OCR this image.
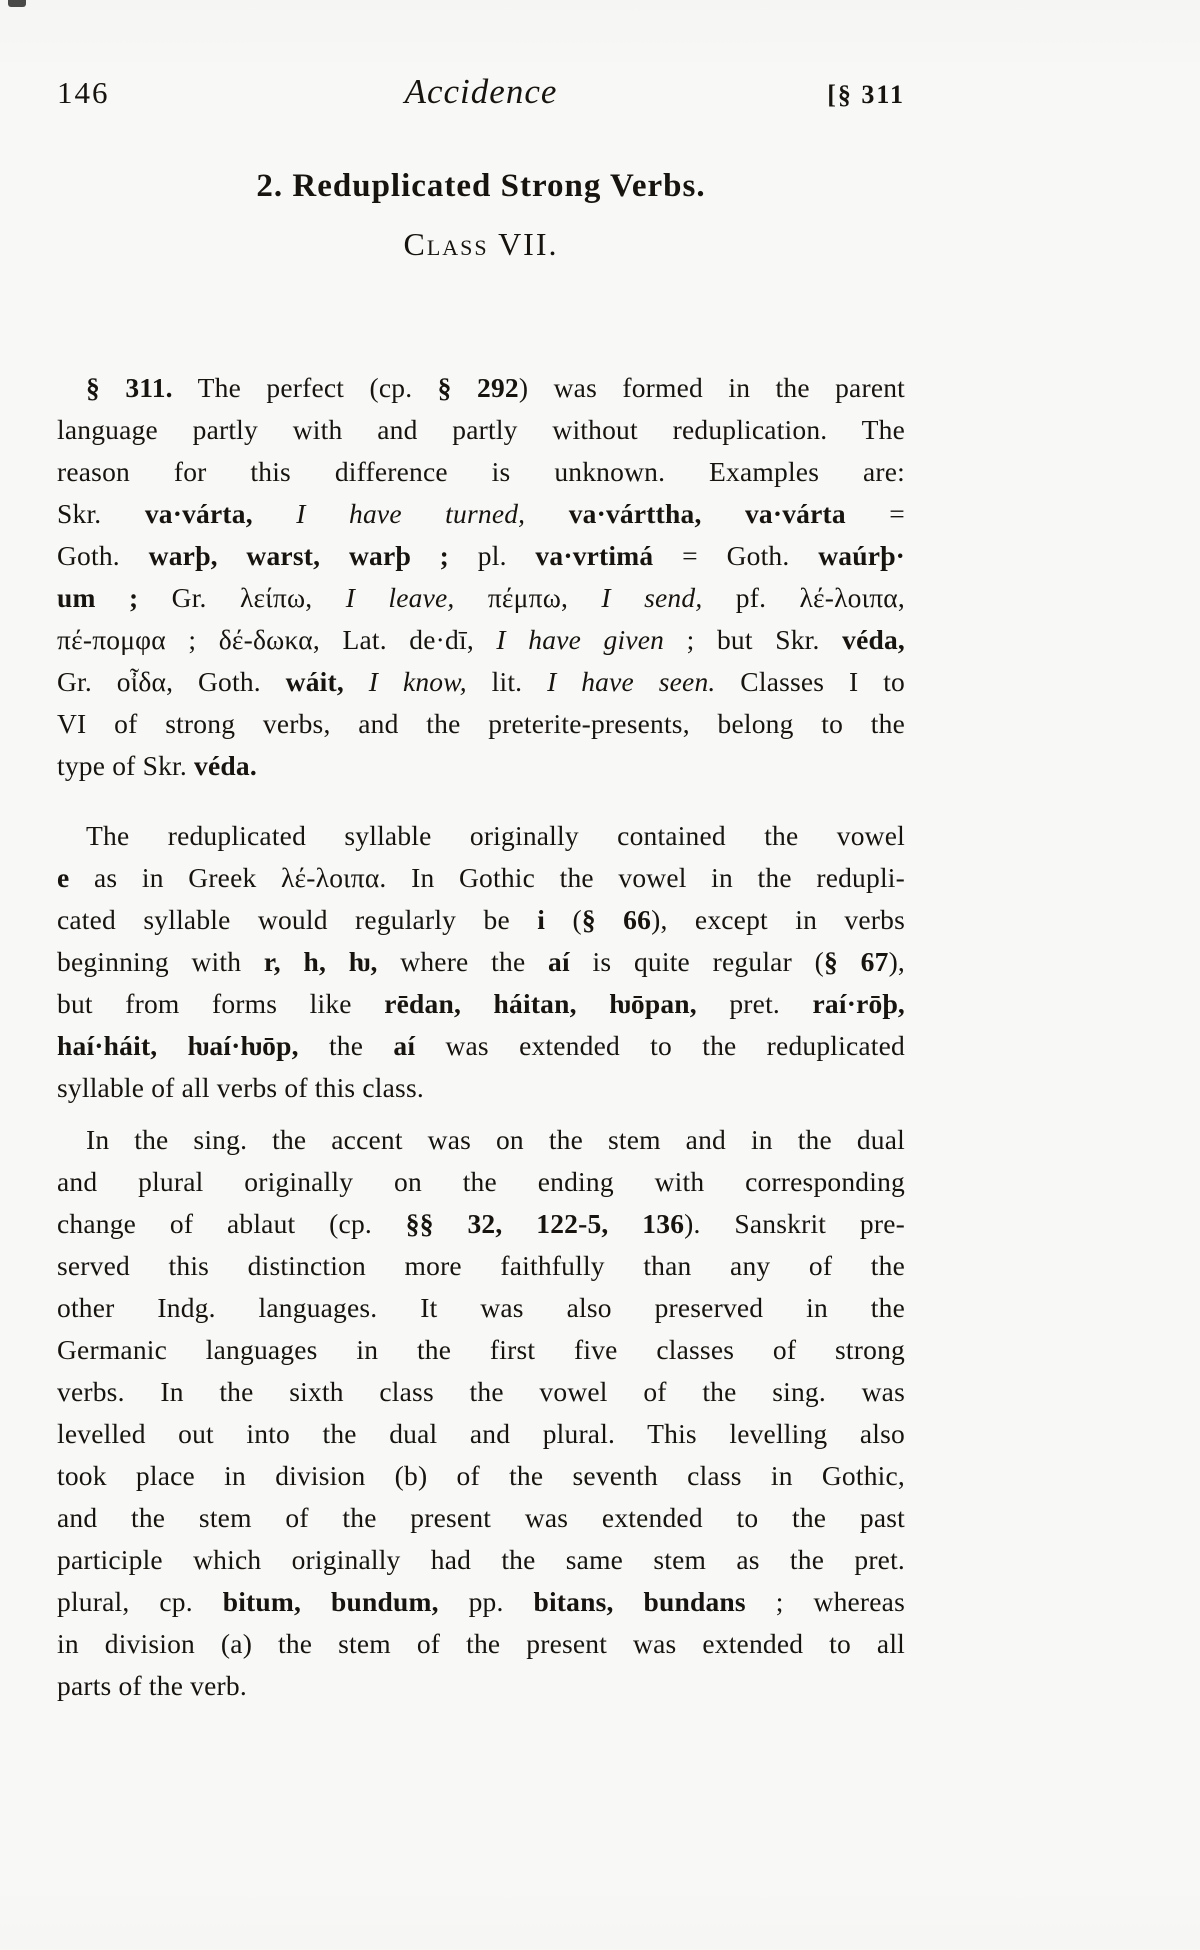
146	Accidence	[§ 311
2. Reduplicated Strong Verbs.
Class VII.
§ 311. The perfect (cp. § 292) was formed in the parent
language partly with and partly without reduplication. The
reason for this difference is unknown. Examples are:
Skr. va·várta, I have turned, va·várttha, va·várta =
Goth. warþ, warst, warþ ; pl. va·vrtimá = Goth. waúrþ·
um ; Gr. λείπω, I leave, πέμπω, I send, pf. λέ-λοιπα,
πέ-πομφα ; δέ-δωκα, Lat. de·dī, I have given ; but Skr. véda,
Gr. οἶδα, Goth. wáit, I know, lit. I have seen. Classes I to
VI of strong verbs, and the preterite-presents, belong to the
type of Skr. véda.
The reduplicated syllable originally contained the vowel
e as in Greek λέ-λοιπα. In Gothic the vowel in the redupli-
cated syllable would regularly be i (§ 66), except in verbs
beginning with r, h, ƕ, where the aí is quite regular (§ 67),
but from forms like rēdan, háitan, ƕōpan, pret. raí·rōþ,
haí·háit, ƕaí·ƕōp, the aí was extended to the reduplicated
syllable of all verbs of this class.
In the sing. the accent was on the stem and in the dual
and plural originally on the ending with corresponding
change of ablaut (cp. §§ 32, 122-5, 136). Sanskrit pre-
served this distinction more faithfully than any of the
other Indg. languages. It was also preserved in the
Germanic languages in the first five classes of strong
verbs. In the sixth class the vowel of the sing. was
levelled out into the dual and plural. This levelling also
took place in division (b) of the seventh class in Gothic,
and the stem of the present was extended to the past
participle which originally had the same stem as the pret.
plural, cp. bitum, bundum, pp. bitans, bundans ; whereas
in division (a) the stem of the present was extended to all
parts of the verb.
